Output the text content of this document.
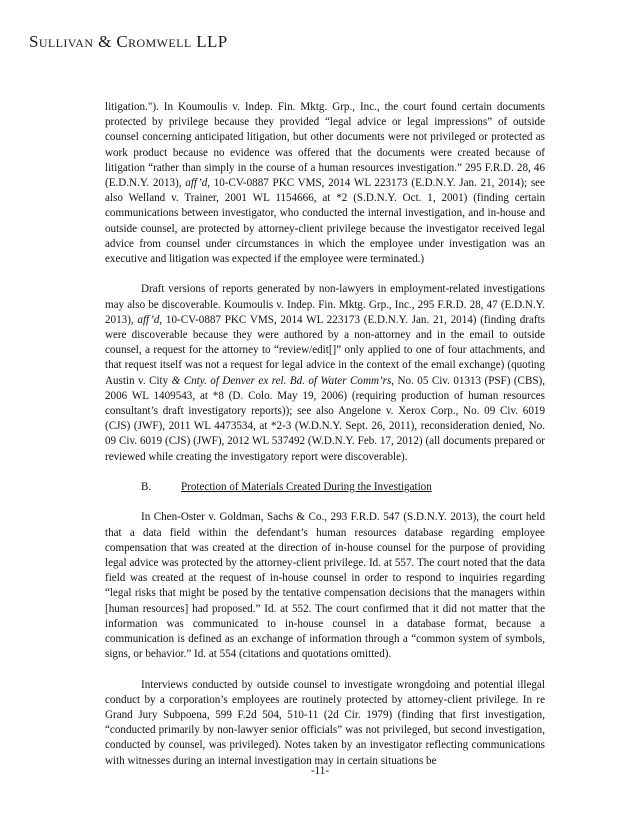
Sullivan & Cromwell LLP

litigation."). In Koumoulis v. Indep. Fin. Mktg. Grp., Inc., the court found certain documents protected by privilege because they provided “legal advice or legal impressions” of outside counsel concerning anticipated litigation, but other documents were not privileged or protected as work product because no evidence was offered that the documents were created because of litigation “rather than simply in the course of a human resources investigation.” 295 F.R.D. 28, 46 (E.D.N.Y. 2013), aff’d, 10-CV-0887 PKC VMS, 2014 WL 223173 (E.D.N.Y. Jan. 21, 2014); see also Welland v. Trainer, 2001 WL 1154666, at *2 (S.D.N.Y. Oct. 1, 2001) (finding certain communications between investigator, who conducted the internal investigation, and in-house and outside counsel, are protected by attorney-client privilege because the investigator received legal advice from counsel under circumstances in which the employee under investigation was an executive and litigation was expected if the employee were terminated.)

Draft versions of reports generated by non-lawyers in employment-related investigations may also be discoverable. Koumoulis v. Indep. Fin. Mktg. Grp., Inc., 295 F.R.D. 28, 47 (E.D.N.Y. 2013), aff’d, 10-CV-0887 PKC VMS, 2014 WL 223173 (E.D.N.Y. Jan. 21, 2014) (finding drafts were discoverable because they were authored by a non-attorney and in the email to outside counsel, a request for the attorney to “review/edit[]” only applied to one of four attachments, and that request itself was not a request for legal advice in the context of the email exchange) (quoting Austin v. City & Cnty. of Denver ex rel. Bd. of Water Comm’rs, No. 05 Civ. 01313 (PSF) (CBS), 2006 WL 1409543, at *8 (D. Colo. May 19, 2006) (requiring production of human resources consultant’s draft investigatory reports)); see also Angelone v. Xerox Corp., No. 09 Civ. 6019 (CJS) (JWF), 2011 WL 4473534, at *2-3 (W.D.N.Y. Sept. 26, 2011), reconsideration denied, No. 09 Civ. 6019 (CJS) (JWF), 2012 WL 537492 (W.D.N.Y. Feb. 17, 2012) (all documents prepared or reviewed while creating the investigatory report were discoverable).

B.	Protection of Materials Created During the Investigation

In Chen-Oster v. Goldman, Sachs & Co., 293 F.R.D. 547 (S.D.N.Y. 2013), the court held that a data field within the defendant’s human resources database regarding employee compensation that was created at the direction of in-house counsel for the purpose of providing legal advice was protected by the attorney-client privilege. Id. at 557. The court noted that the data field was created at the request of in-house counsel in order to respond to inquiries regarding “legal risks that might be posed by the tentative compensation decisions that the managers within [human resources] had proposed.” Id. at 552. The court confirmed that it did not matter that the information was communicated to in-house counsel in a database format, because a communication is defined as an exchange of information through a “common system of symbols, signs, or behavior.” Id. at 554 (citations and quotations omitted).

Interviews conducted by outside counsel to investigate wrongdoing and potential illegal conduct by a corporation’s employees are routinely protected by attorney-client privilege. In re Grand Jury Subpoena, 599 F.2d 504, 510-11 (2d Cir. 1979) (finding that first investigation, “conducted primarily by non-lawyer senior officials” was not privileged, but second investigation, conducted by counsel, was privileged). Notes taken by an investigator reflecting communications with witnesses during an internal investigation may in certain situations be

-11-
